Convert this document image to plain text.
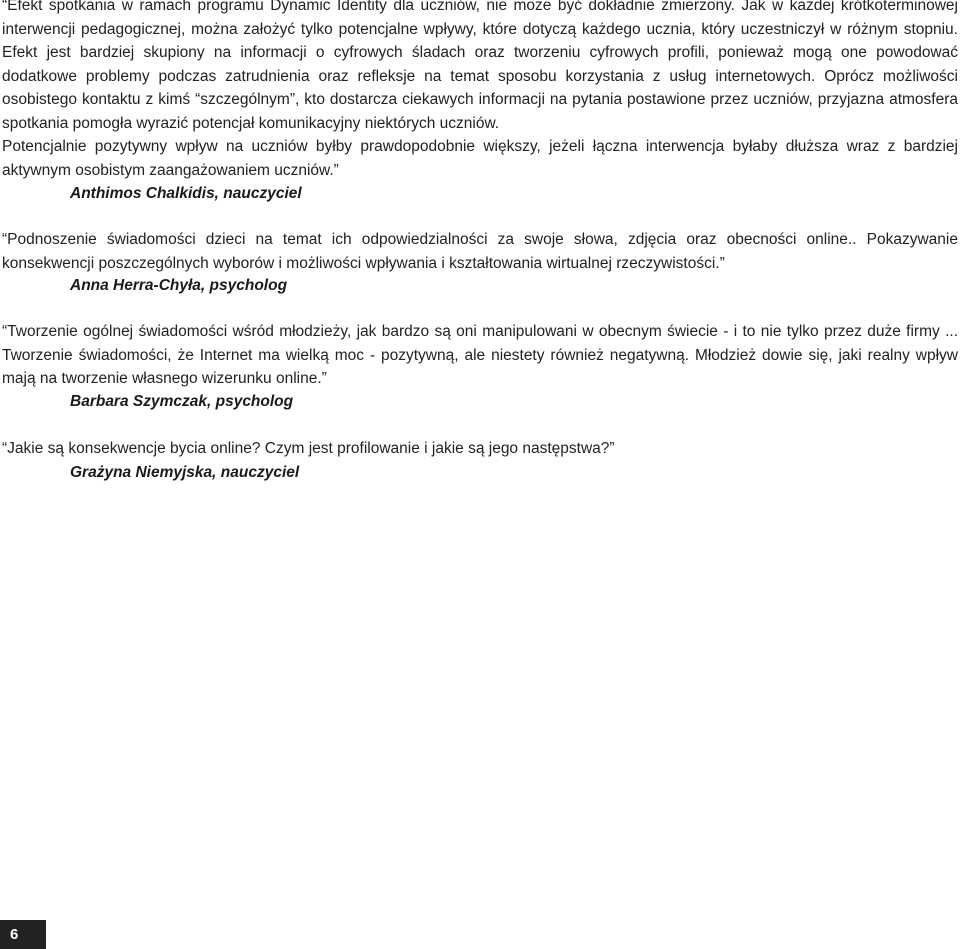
“Efekt spotkania w ramach programu Dynamic Identity dla uczniów, nie może być dokładnie zmierzony. Jak w każdej krótkoterminowej interwencji pedagogicznej, można założyć tylko potencjalne wpływy, które dotyczą każdego ucznia, który uczestniczył w różnym stopniu. Efekt jest bardziej skupiony na informacji o cyfrowych śladach oraz tworzeniu cyfrowych profili, ponieważ mogą one powodować dodatkowe problemy podczas zatrudnienia oraz refleksje na temat sposobu korzystania z usług internetowych. Oprócz możliwości osobistego kontaktu z kimś “szczególnym”, kto dostarcza ciekawych informacji na pytania postawione przez uczniów, przyjazna atmosfera spotkania pomogła wyrazić potencjał komunikacyjny niektórych uczniów.

Potencjalnie pozytywny wpływ na uczniów byłby prawdopodobnie większy, jeżeli łączna interwencja byłaby dłuższa wraz z bardziej aktywnym osobistym zaangażowaniem uczniów.”

Anthimos Chalkidis, nauczyciel

“Podnoszenie świadomości dzieci na temat ich odpowiedzialności za swoje słowa, zdjęcia oraz obecności online.. Pokazywanie konsekwencji poszczególnych wyborów i możliwości wpływania i kształtowania wirtualnej rzeczywistości.”

Anna Herra-Chyła, psycholog

“Tworzenie ogólnej świadomości wśród młodzieży, jak bardzo są oni manipulowani w obecnym świecie - i to nie tylko przez duże firmy ... Tworzenie świadomości, że Internet ma wielką moc - pozytywną, ale niestety również negatywną. Młodzież dowie się, jaki realny wpływ mają na tworzenie własnego wizerunku online.”

Barbara Szymczak, psycholog

“Jakie są konsekwencje bycia online? Czym jest profilowanie i jakie są jego następstwa?”

Grażyna Niemyjska, nauczyciel

6
